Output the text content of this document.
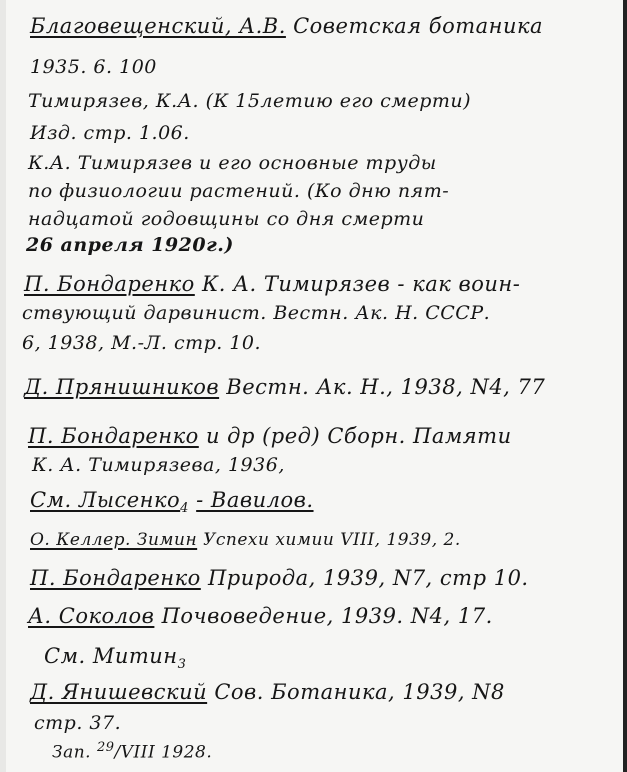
Благовещенский, А.В. Советская ботаника
1935. 6. 100
Тимирязев, К.А. (К 15летию его смерти)
Изд. стр. 1.06.
К.А. Тимирязев и его основные труды
по физиологии растений. (Ко дню пят-
надцатой годовщины со дня смерти
26 апреля 1920г.)
П. Бондаренко К. А. Тимирязев - как воин-
ствующий дарвинист. Вестн. Ак. Н. СССР.
6, 1938, М.-Л. стр. 10.
Д. Прянишников Вестн. Ак. Н., 1938, N4, 77
П. Бондаренко и др (ред) Сборн. Памяти
К. А. Тимирязева, 1936,
См. Лысенко$_4$ - Вавилов.
О. Келлер. Зимин Успехи химии VIII, 1939, 2.
П. Бондаренко Природа, 1939, N7, стр 10.
А. Соколов Почвоведение, 1939. N4, 17.
См. Митин$_3$
Д. Янишевский Сов. Ботаника, 1939, N8
стр. 37.
Зап. $^{29}$/VIII 1928.
